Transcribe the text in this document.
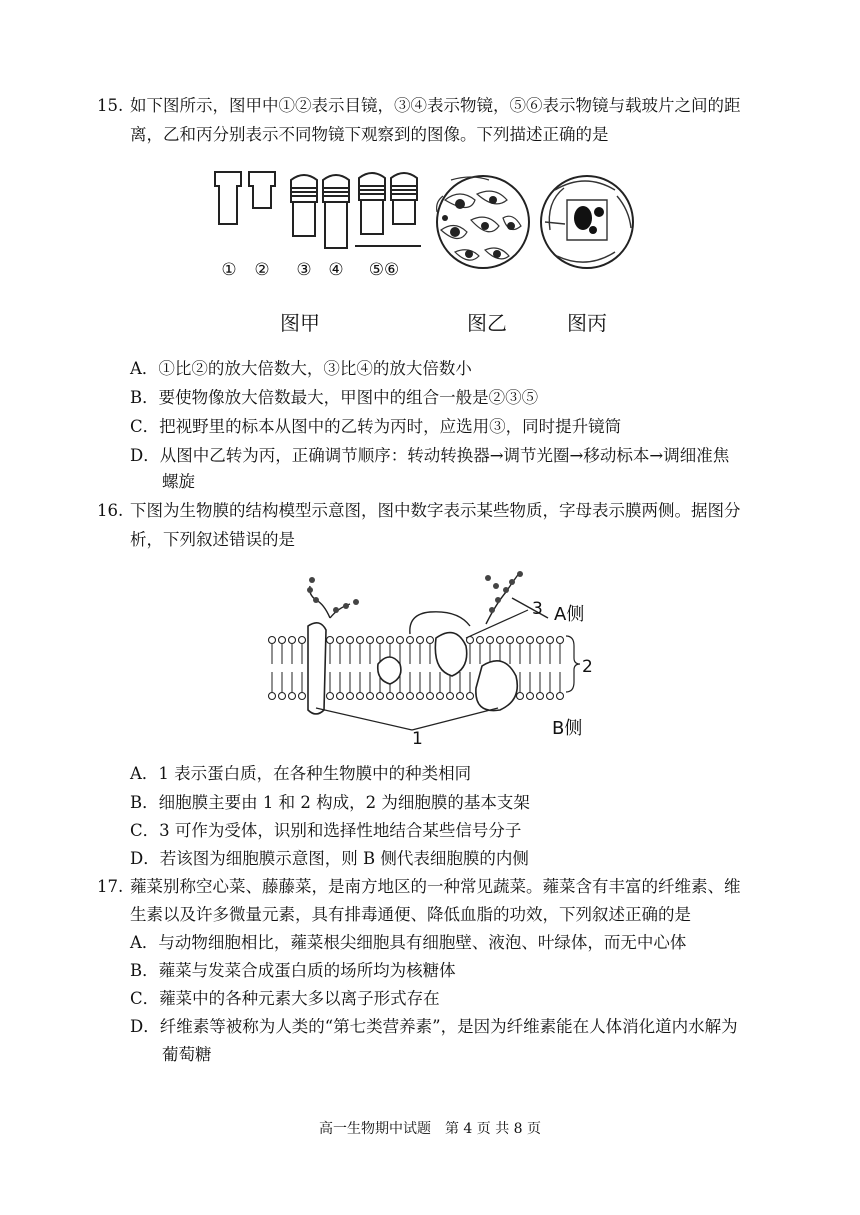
15. 如下图所示，图甲中①②表示目镜，③④表示物镜，⑤⑥表示物镜与载玻片之间的距
离，乙和丙分别表示不同物镜下观察到的图像。下列描述正确的是
① ② ③ ④ ⑤⑥
图甲	图乙	图丙
A．①比②的放大倍数大，③比④的放大倍数小
B．要使物像放大倍数最大，甲图中的组合一般是②③⑤
C．把视野里的标本从图中的乙转为丙时，应选用③，同时提升镜筒
D．从图中乙转为丙，正确调节顺序：转动转换器→调节光圈→移动标本→调细准焦
螺旋
16. 下图为生物膜的结构模型示意图，图中数字表示某些物质，字母表示膜两侧。据图分
析，下列叙述错误的是
1
2
3 A侧
B侧
A．1 表示蛋白质，在各种生物膜中的种类相同
B．细胞膜主要由 1 和 2 构成，2 为细胞膜的基本支架
C．3 可作为受体，识别和选择性地结合某些信号分子
D．若该图为细胞膜示意图，则 B 侧代表细胞膜的内侧
17. 蕹菜别称空心菜、藤藤菜，是南方地区的一种常见蔬菜。蕹菜含有丰富的纤维素、维
生素以及许多微量元素，具有排毒通便、降低血脂的功效，下列叙述正确的是
A．与动物细胞相比，蕹菜根尖细胞具有细胞壁、液泡、叶绿体，而无中心体
B．蕹菜与发菜合成蛋白质的场所均为核糖体
C．蕹菜中的各种元素大多以离子形式存在
D．纤维素等被称为人类的“第七类营养素”，是因为纤维素能在人体消化道内水解为
葡萄糖
高一生物期中试题　第 4 页 共 8 页
